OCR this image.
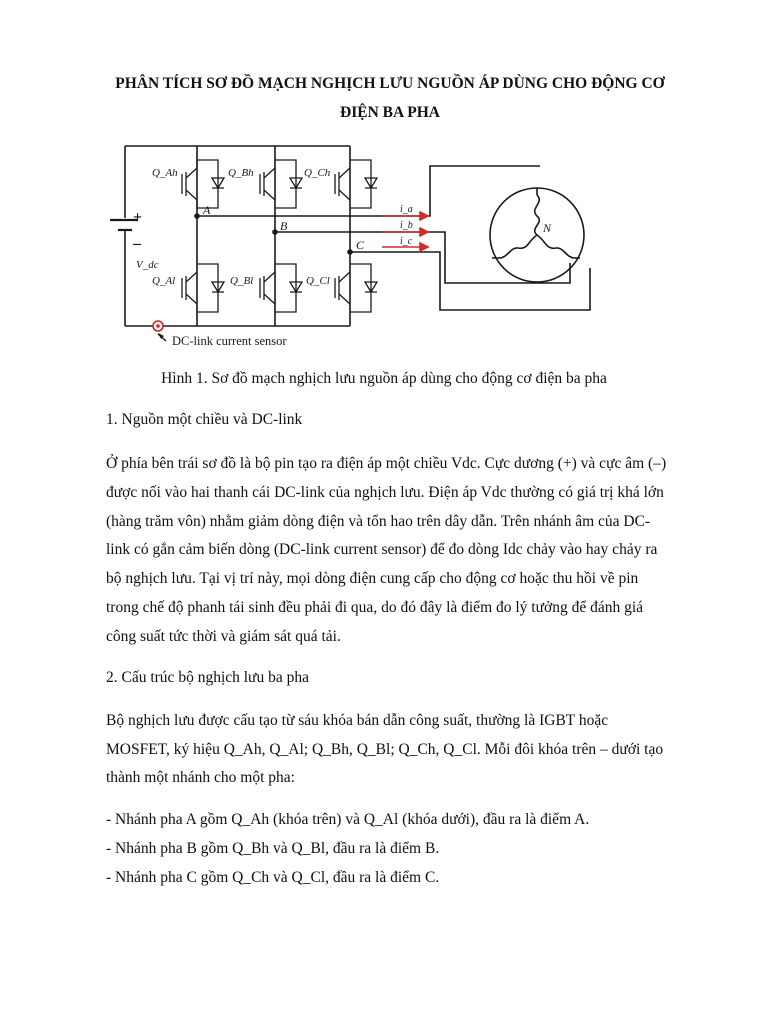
PHÂN TÍCH SƠ ĐỒ MẠCH NGHỊCH LƯU NGUỒN ÁP DÙNG CHO ĐỘNG CƠ
ĐIỆN BA PHA
Q_Ah	Q_Bh	Q_Ch
Q_Al	Q_Bl	Q_Cl
A
B
C
i_a
i_b
i_c
V_dc
N
+
–
DC-link current sensor
Hình 1. Sơ đồ mạch nghịch lưu nguồn áp dùng cho động cơ điện ba pha
1. Nguồn một chiều và DC-link
Ở phía bên trái sơ đồ là bộ pin tạo ra điện áp một chiều Vdc. Cực dương (+) và cực âm (–)
được nối vào hai thanh cái DC-link của nghịch lưu. Điện áp Vdc thường có giá trị khá lớn
(hàng trăm vôn) nhằm giảm dòng điện và tổn hao trên dây dẫn. Trên nhánh âm của DC-
link có gắn cảm biến dòng (DC-link current sensor) để đo dòng Idc chảy vào hay chảy ra
bộ nghịch lưu. Tại vị trí này, mọi dòng điện cung cấp cho động cơ hoặc thu hồi về pin
trong chế độ phanh tái sinh đều phải đi qua, do đó đây là điểm đo lý tưởng để đánh giá
công suất tức thời và giám sát quá tải.
2. Cấu trúc bộ nghịch lưu ba pha
Bộ nghịch lưu được cấu tạo từ sáu khóa bán dẫn công suất, thường là IGBT hoặc
MOSFET, ký hiệu Q_Ah, Q_Al; Q_Bh, Q_Bl; Q_Ch, Q_Cl. Mỗi đôi khóa trên – dưới tạo
thành một nhánh cho một pha:
- Nhánh pha A gồm Q_Ah (khóa trên) và Q_Al (khóa dưới), đầu ra là điểm A.
- Nhánh pha B gồm Q_Bh và Q_Bl, đầu ra là điểm B.
- Nhánh pha C gồm Q_Ch và Q_Cl, đầu ra là điểm C.
